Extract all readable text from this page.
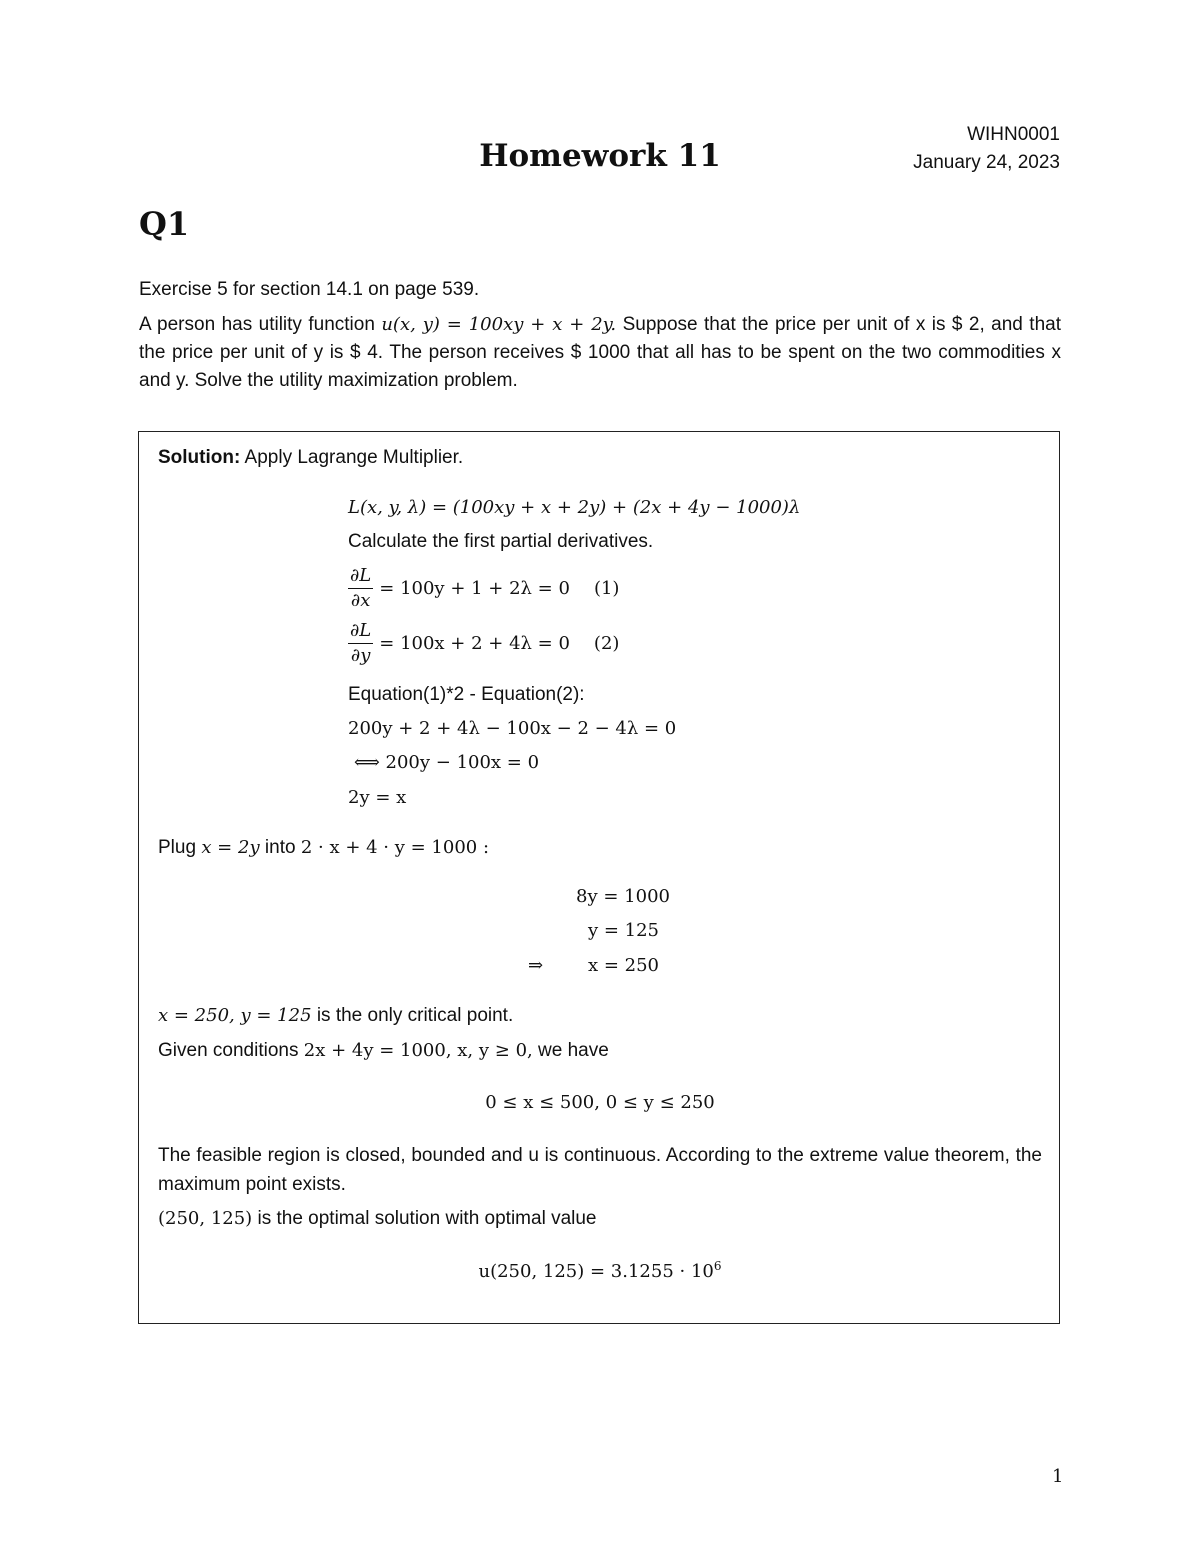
Homework 11
WIHN0001
January 24, 2023
Q1
Exercise 5 for section 14.1 on page 539.
A person has utility function u(x, y) = 100xy + x + 2y. Suppose that the price per unit of x is $ 2, and that the price per unit of y is $ 4. The person receives $ 1000 that all has to be spent on the two commodities x and y. Solve the utility maximization problem.
Solution: Apply Lagrange Multiplier.
L(x, y, λ) = (100xy + x + 2y) + (2x + 4y − 1000)λ
Calculate the first partial derivatives.
$\frac{\partial L}{\partial x} = 100y + 1 + 2\lambda = 0$ (1)
$\frac{\partial L}{\partial y} = 100x + 2 + 4\lambda = 0$ (2)
Equation(1)*2 - Equation(2):
200y + 2 + 4λ − 100x − 2 − 4λ = 0
⟺ 200y − 100x = 0
2y = x
Plug x = 2y into 2 · x + 4 · y = 1000 :
8y = 1000
y = 125
⇒ x = 250
x = 250, y = 125 is the only critical point.
Given conditions 2x + 4y = 1000, x, y ≥ 0, we have
0 ≤ x ≤ 500, 0 ≤ y ≤ 250
The feasible region is closed, bounded and u is continuous. According to the extreme value theorem, the maximum point exists.
(250, 125) is the optimal solution with optimal value
u(250, $125) = 3.1255 \cdot 10^6$
1
